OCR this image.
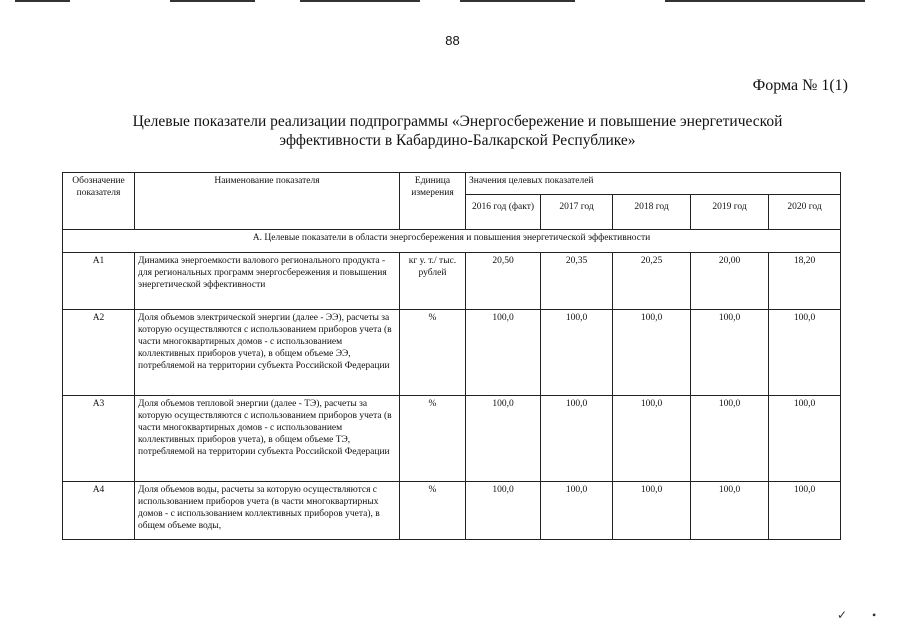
88
Форма № 1(1)
Целевые показатели реализации подпрограммы «Энергосбережение и повышение энергетической
эффективности в Кабардино-Балкарской Республике»
Обозначение показателя	Наименование показателя	Единица измерения	Значения целевых показателей				
			2016 год (факт)	2017 год	2018 год	2019 год	2020 год
А. Целевые показатели в области энергосбережения и повышения энергетической эффективности							
А1	Динамика энергоемкости валового регионального продукта - для региональных программ энергосбережения и повышения энергетической эффективности	кг у. т./ тыс. рублей	20,50	20,35	20,25	20,00	18,20
А2	Доля объемов электрической энергии (далее - ЭЭ), расчеты за которую осуществляются с использованием приборов учета (в части многоквартирных домов - с использованием коллективных приборов учета), в общем объеме ЭЭ, потребляемой на территории субъекта Российской Федерации	%	100,0	100,0	100,0	100,0	100,0
А3	Доля объемов тепловой энергии (далее - ТЭ), расчеты за которую осуществляются с использованием приборов учета (в части многоквартирных домов - с использованием коллективных приборов учета), в общем объеме ТЭ, потребляемой на территории субъекта Российской Федерации	%	100,0	100,0	100,0	100,0	100,0
А4	Доля объемов воды, расчеты за которую осуществляются с использованием приборов учета (в части многоквартирных домов - с использованием коллективных приборов учета), в общем объеме воды,	%	100,0	100,0	100,0	100,0	100,0
✓ •
